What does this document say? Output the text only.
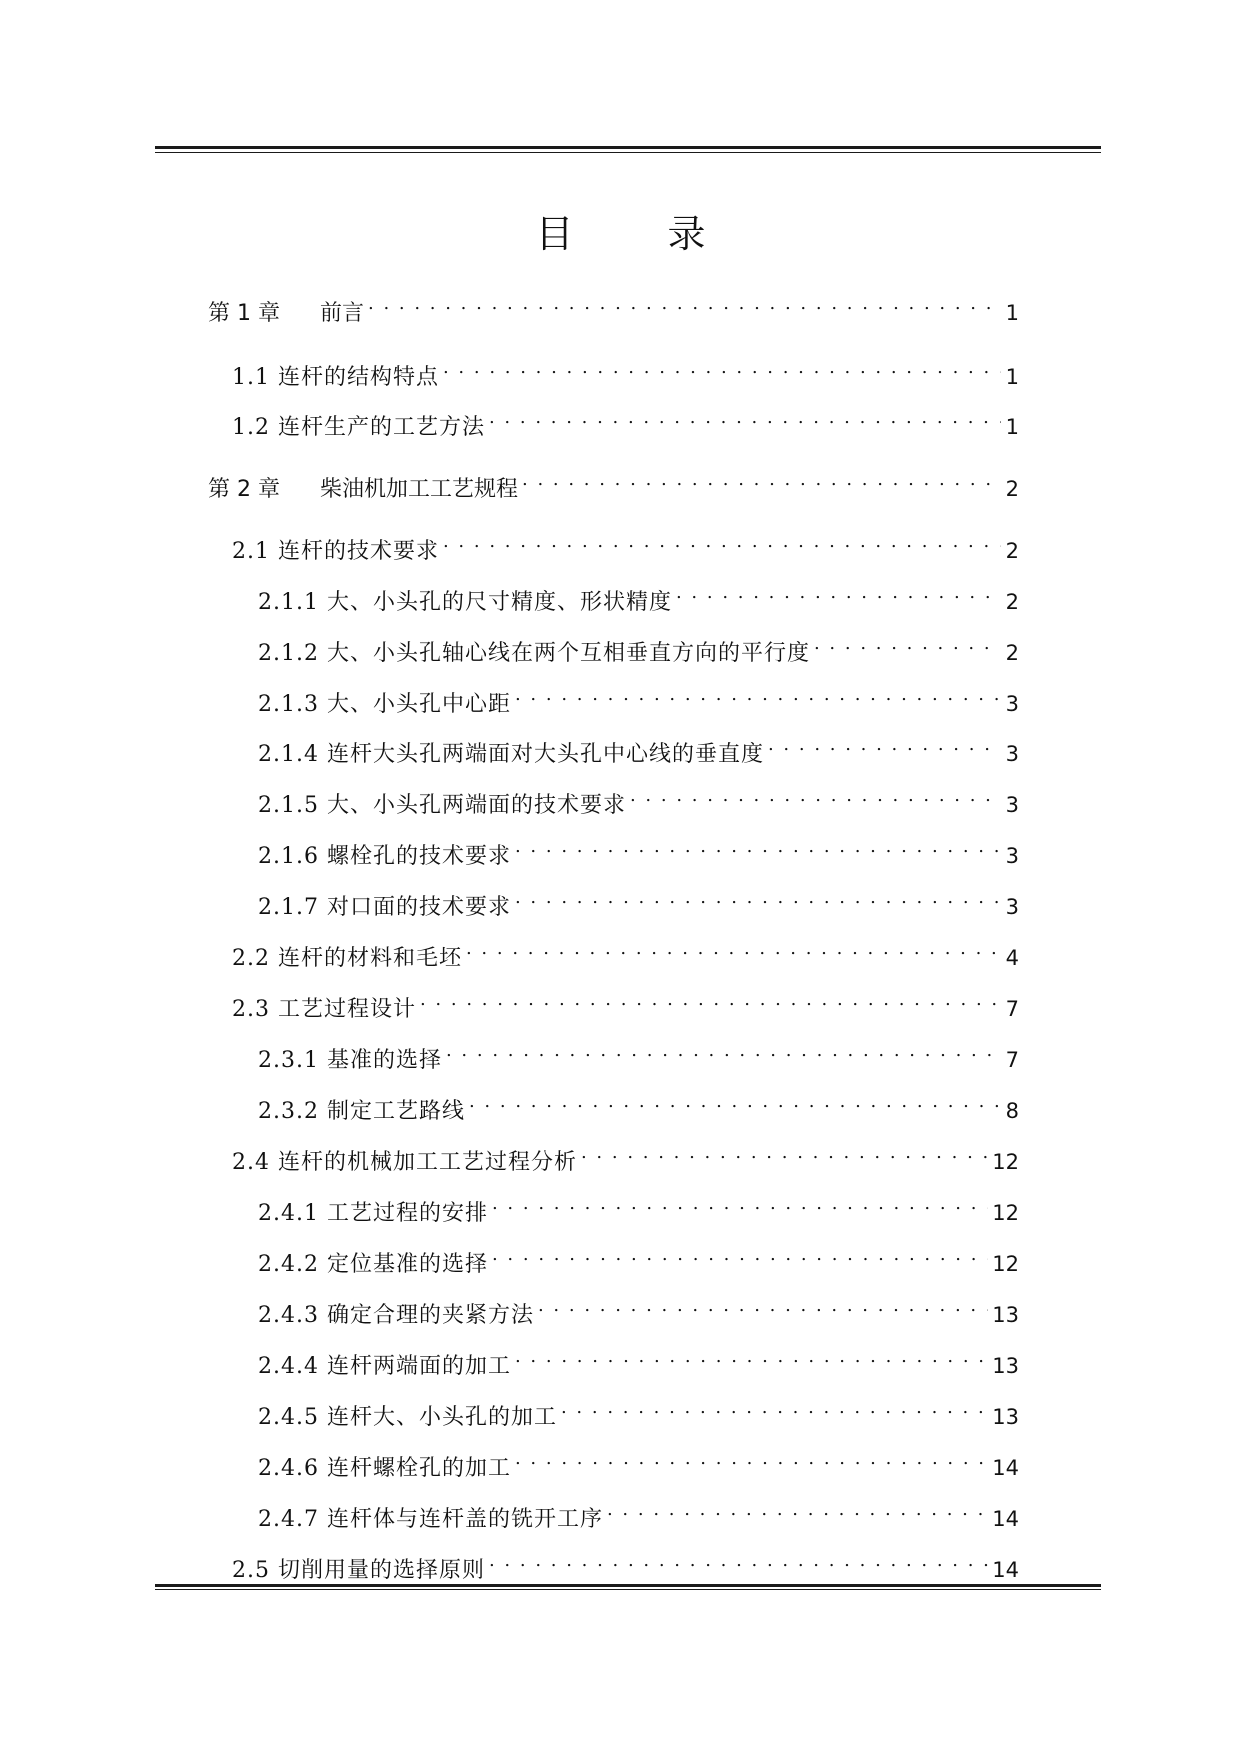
目　录
第 1 章	前言 . . .	1
1.1 连杆的结构特点 . . .	1
1.2 连杆生产的工艺方法 . . .	1
第 2 章	柴油机加工工艺规程 . . .	2
2.1 连杆的技术要求 . . .	2
2.1.1 大、小头孔的尺寸精度、形状精度 . . .	2
2.1.2 大、小头孔轴心线在两个互相垂直方向的平行度 . . .	2
2.1.3 大、小头孔中心距 . . .	3
2.1.4 连杆大头孔两端面对大头孔中心线的垂直度 . . .	3
2.1.5 大、小头孔两端面的技术要求 . . .	3
2.1.6 螺栓孔的技术要求 . . .	3
2.1.7 对口面的技术要求 . . .	3
2.2 连杆的材料和毛坯 . . .	4
2.3 工艺过程设计 . . .	7
2.3.1 基准的选择 . . .	7
2.3.2 制定工艺路线 . . .	8
2.4 连杆的机械加工工艺过程分析 . . .	12
2.4.1 工艺过程的安排 . . .	12
2.4.2 定位基准的选择 . . .	12
2.4.3 确定合理的夹紧方法 . . .	13
2.4.4 连杆两端面的加工 . . .	13
2.4.5 连杆大、小头孔的加工 . . .	13
2.4.6 连杆螺栓孔的加工 . . .	14
2.4.7 连杆体与连杆盖的铣开工序 . . .	14
2.5 切削用量的选择原则 . . .	14
